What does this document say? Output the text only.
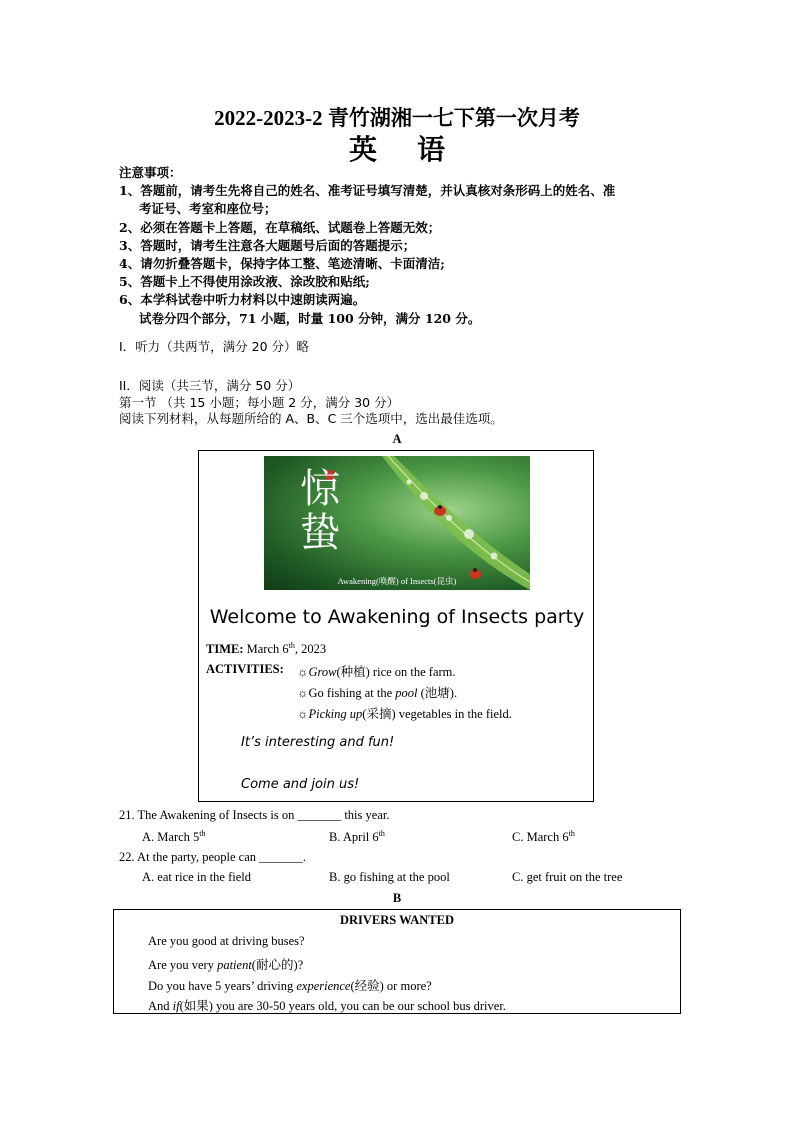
2022-2023-2 青竹湖湘一七下第一次月考
英语

注意事项：

1、答题前，请考生先将自己的姓名、准考证号填写清楚，并认真核对条形码上的姓名、准

考证号、考室和座位号；

2、必须在答题卡上答题，在草稿纸、试题卷上答题无效；

3、答题时，请考生注意各大题题号后面的答题提示；

4、请勿折叠答题卡，保持字体工整、笔迹清晰、卡面清洁;

5、答题卡上不得使用涂改液、涂改胶和贴纸;

6、本学科试卷中听力材料以中速朗读两遍。

试卷分四个部分，71 小题，时量 100 分钟，满分 120 分。

I．听力（共两节，满分 20 分）略
II．阅读（共三节，满分 50 分）
第一节 （共 15 小题；每小题 2 分，满分 30 分）
阅读下列材料，从每题所给的 A、B、C 三个选项中，选出最佳选项。
A
惊
蛰
Awakening(唤醒) of Insects(昆虫)
Welcome to Awakening of Insects party
TIME: March 6th, 2023
ACTIVITIES: ☼Grow(种植) rice on the farm.
☼Go fishing at the pool (池塘).
☼Picking up(采摘) vegetables in the field.
It’s interesting and fun!
Come and join us!
21. The Awakening of Insects is on _______ this year.
A. March 5th	B. April 6th	C. March 6th
22. At the party, people can _______.
A. eat rice in the field	B. go fishing at the pool	C. get fruit on the tree
B
DRIVERS WANTED
Are you good at driving buses?
Are you very patient(耐心的)?
Do you have 5 years’ driving experience(经验) or more?
And if(如果) you are 30-50 years old, you can be our school bus driver.
